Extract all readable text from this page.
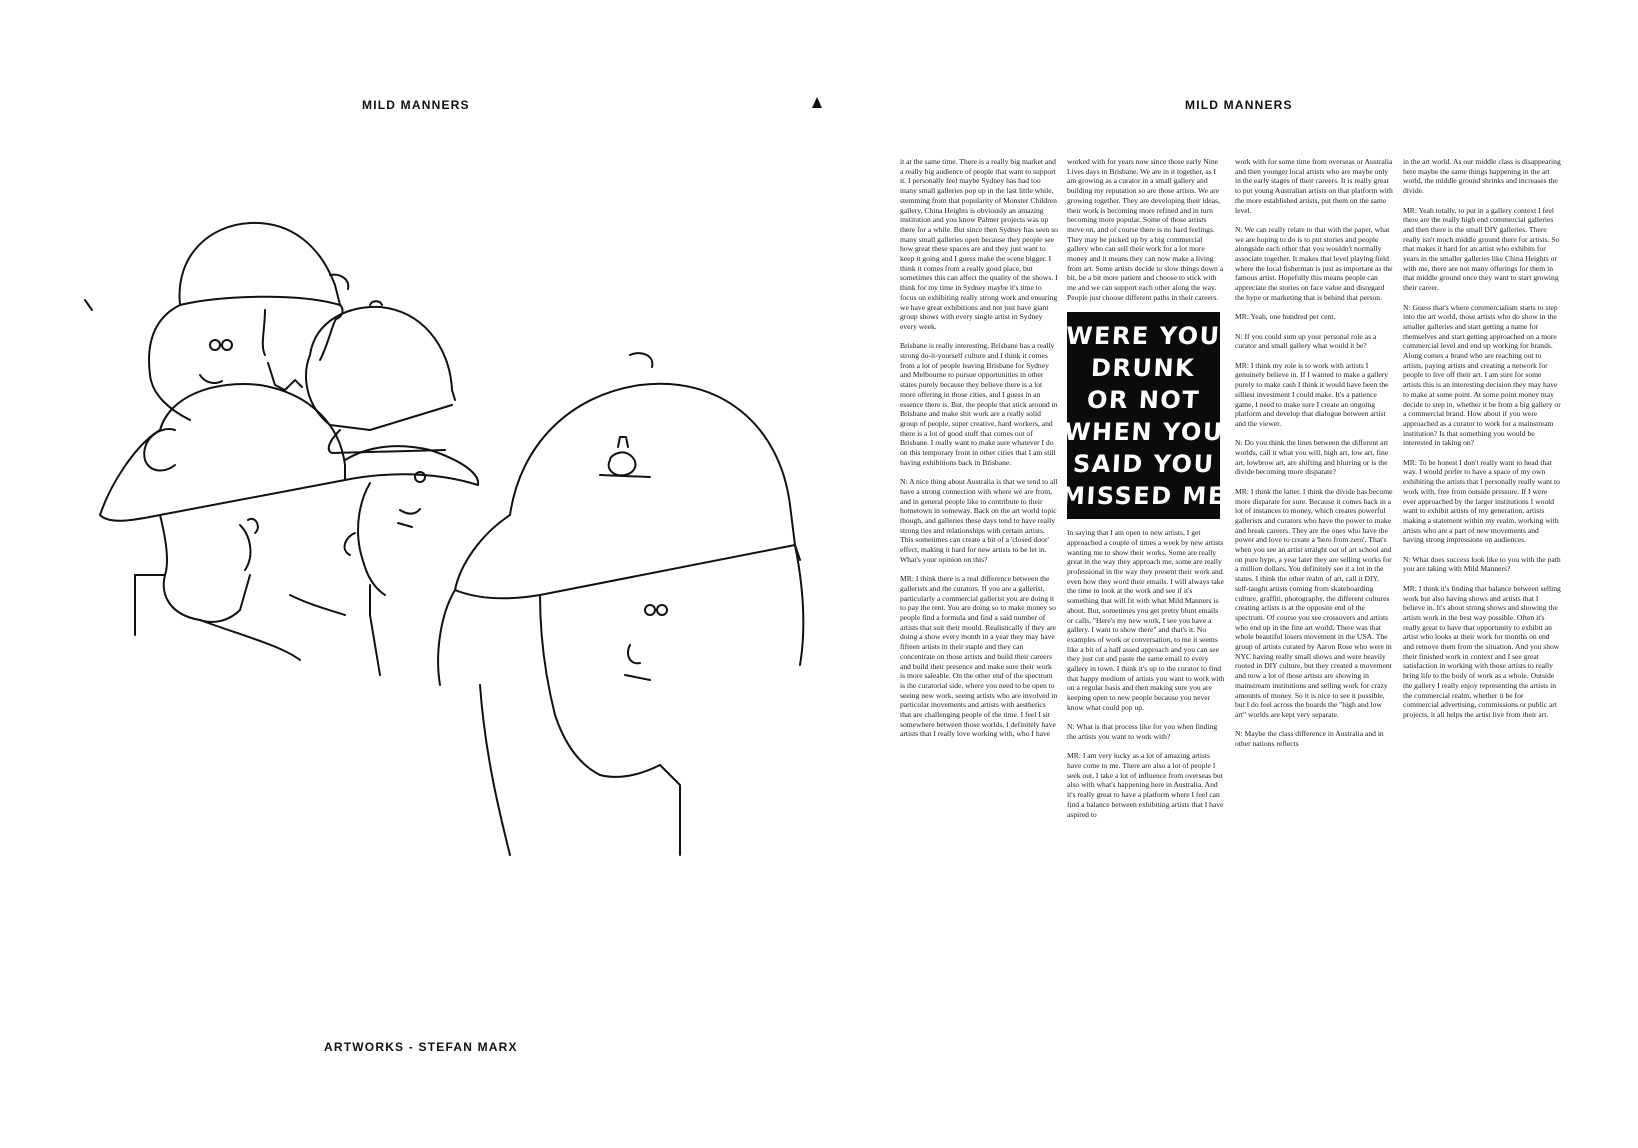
MILD MANNERS	MILD MANNERS

it at the same time. There is a really big market and a really big audience of people that want to support it. I personally feel maybe Sydney has had too many small galleries pop up in the last little while, stemming from that popularity of Monster Children gallery, China Heights is obviously an amazing institution and you know Palmer projects was up there for a while. But since then Sydney has seen so many small galleries open because they people see how great these spaces are and they just want to keep it going and I guess make the scene bigger. I think it comes from a really good place, but sometimes this can affect the quality of the shows. I think for my time in Sydney maybe it's time to focus on exhibiting really strong work and ensuring we have great exhibitions and not just have giant group shows with every single artist in Sydney every week.

Brisbane is really interesting, Brisbane has a really strong do-it-yourself culture and I think it comes from a lot of people leaving Brisbane for Sydney and Melbourne to pursue opportunities in other states purely because they believe there is a lot more offering in those cities, and I guess in an essence there is. But, the people that stick around in Brisbane and make shit work are a really solid group of people, super creative, hard workers, and there is a lot of good stuff that comes out of Brisbane. I really want to make sure whatever I do on this temporary front in other cities that I am still having exhibitions back in Brisbane.

N: A nice thing about Australia is that we tend to all have a strong connection with where we are from, and in general people like to contribute to their hometown in someway. Back on the art world topic though, and galleries these days tend to have really strong ties and relationships with certain artists. This sometimes can create a bit of a 'closed door' effect, making it hard for new artists to be let in. What's your opinion on this?

MR: I think there is a real difference between the gallerists and the curators. If you are a gallerist, particularly a commercial gallerist you are doing it to pay the rent. You are doing so to make money so people find a formula and find a said number of artists that suit their mould. Realistically if they are doing a show every month in a year they may have fifteen artists in their staple and they can concentrate on those artists and build their careers and build their presence and make sure their work is more saleable. On the other end of the spectrum is the curatorial side, where you need to be open to seeing new work, seeing artists who are involved in particular movements and artists with aesthetics that are challenging people of the time. I feel I sit somewhere between those worlds, I definitely have artists that I really love working with, who I have

worked with for years now since those early Nine Lives days in Brisbane. We are in it together, as I am growing as a curator in a small gallery and building my reputation so are those artists. We are growing together. They are developing their ideas, their work is becoming more refined and in turn becoming more popular. Some of those artists move on, and of course there is no hard feelings. They may be picked up by a big commercial gallery who can sell their work for a lot more money and it means they can now make a living from art. Some artists decide to slow things down a bit, be a bit more patient and choose to stick with me and we can support each other along the way. People just choose different paths in their careers.

WERE YOU
DRUNK
OR NOT
WHEN YOU
SAID YOU
MISSED ME

In saying that I am open to new artists, I get approached a couple of times a week by new artists wanting me to show their works. Some are really great in the way they approach me, some are really professional in the way they present their work and even how they word their emails. I will always take the time to look at the work and see if it's something that will fit with what Mild Manners is about. But, sometimes you get pretty blunt emails or calls, "Here's my new work, I see you have a gallery. I want to show there" and that's it. No examples of work or conversation, to me it seems like a bit of a half assed approach and you can see they just cut and paste the same email to every gallery in town. I think it's up to the curator to find that happy medium of artists you want to work with on a regular basis and then making sure you are keeping open to new people because you never know what could pop up.

N: What is that process like for you when finding the artists you want to work with?

MR: I am very lucky as a lot of amazing artists have come to me. There are also a lot of people I seek out, I take a lot of influence from overseas but also with what's happening here in Australia. And it's really great to have a platform where I feel can find a balance between exhibiting artists that I have aspired to

work with for some time from overseas or Australia and then younger local artists who are maybe only in the early stages of their careers. It is really great to put young Australian artists on that platform with the more established artists, put them on the same level.

N: We can really relate to that with the paper, what we are hoping to do is to put stories and people alongside each other that you wouldn't normally associate together. It makes that level playing field where the local fisherman is just as important as the famous artist. Hopefully this means people can appreciate the stories on face value and disregard the hype or marketing that is behind that person.

MR: Yeah, one hundred per cent.

N: If you could sum up your personal role as a curator and small gallery what would it be?

MR: I think my role is to work with artists I genuinely believe in. If I wanted to make a gallery purely to make cash I think it would have been the silliest investment I could make. It's a patience game, I need to make sure I create an ongoing platform and develop that dialogue between artist and the viewer.

N: Do you think the lines between the different art worlds, call it what you will, high art, low art, fine art, lowbrow art, are shifting and blurring or is the divide becoming more disparate?

MR: I think the latter. I think the divide has become more disparate for sure. Because it comes back in a lot of instances to money, which creates powerful gallerists and curators who have the power to make and break careers. They are the ones who have the power and love to create a 'hero from zero'. That's when you see an artist straight out of art school and on pure hype, a year later they are selling works for a million dollars. You definitely see it a lot in the states. I think the other realm of art, call it DIY, self-taught artists coming from skateboarding culture, graffiti, photography, the different cultures creating artists is at the opposite end of the spectrum. Of course you see crossovers and artists who end up in the fine art world. There was that whole beautiful losers movement in the USA. The group of artists curated by Aaron Rose who were in NYC having really small shows and were heavily rooted in DIY culture, but they created a movement and now a lot of those artists are showing in mainstream institutions and selling work for crazy amounts of money. So it is nice to see it possible, but I do feel across the boards the "high and low art" worlds are kept very separate.

N: Maybe the class difference in Australia and in other nations reflects

in the art world. As our middle class is disappearing here maybe the same things happening in the art world, the middle ground shrinks and increases the divide.

MR: Yeah totally, to put in a gallery context I feel there are the really high end commercial galleries and then there is the small DIY galleries. There really isn't much middle ground there for artists. So that makes it hard for an artist who exhibits for years in the smaller galleries like China Heights or with me, there are not many offerings for them in that middle ground once they want to start growing their career.

N: Guess that's where commercialism starts to step into the art world, those artists who do show in the smaller galleries and start getting a name for themselves and start getting approached on a more commercial level and end up working for brands. Along comes a brand who are reaching out to artists, paying artists and creating a network for people to live off their art. I am sure for some artists this is an interesting decision they may have to make at some point. At some point money may decide to step in, whether it be from a big gallery or a commercial brand. How about if you were approached as a curator to work for a mainstream institution? Is that something you would be interested in taking on?

MR: To be honest I don't really want to head that way. I would prefer to have a space of my own exhibiting the artists that I personally really want to work with, free from outside pressure. If I were ever approached by the larger institutions I would want to exhibit artists of my generation, artists making a statement within my realm, working with artists who are a part of new movements and having strong impressions on audiences.

N: What does success look like to you with the path you are taking with Mild Manners?

MR: I think it's finding that balance between selling work but also having shows and artists that I believe in. It's about strong shows and showing the artists work in the best way possible. Often it's really great to have that opportunity to exhibit an artist who looks at their work for months on end and remove them from the situation. And you show their finished work in context and I see great satisfaction in working with those artists to really bring life to the body of work as a whole. Outside the gallery I really enjoy representing the artists in the commercial realm, whether it be for commercial advertising, commissions or public art projects, it all helps the artist live from their art.

ARTWORKS - STEFAN MARX
